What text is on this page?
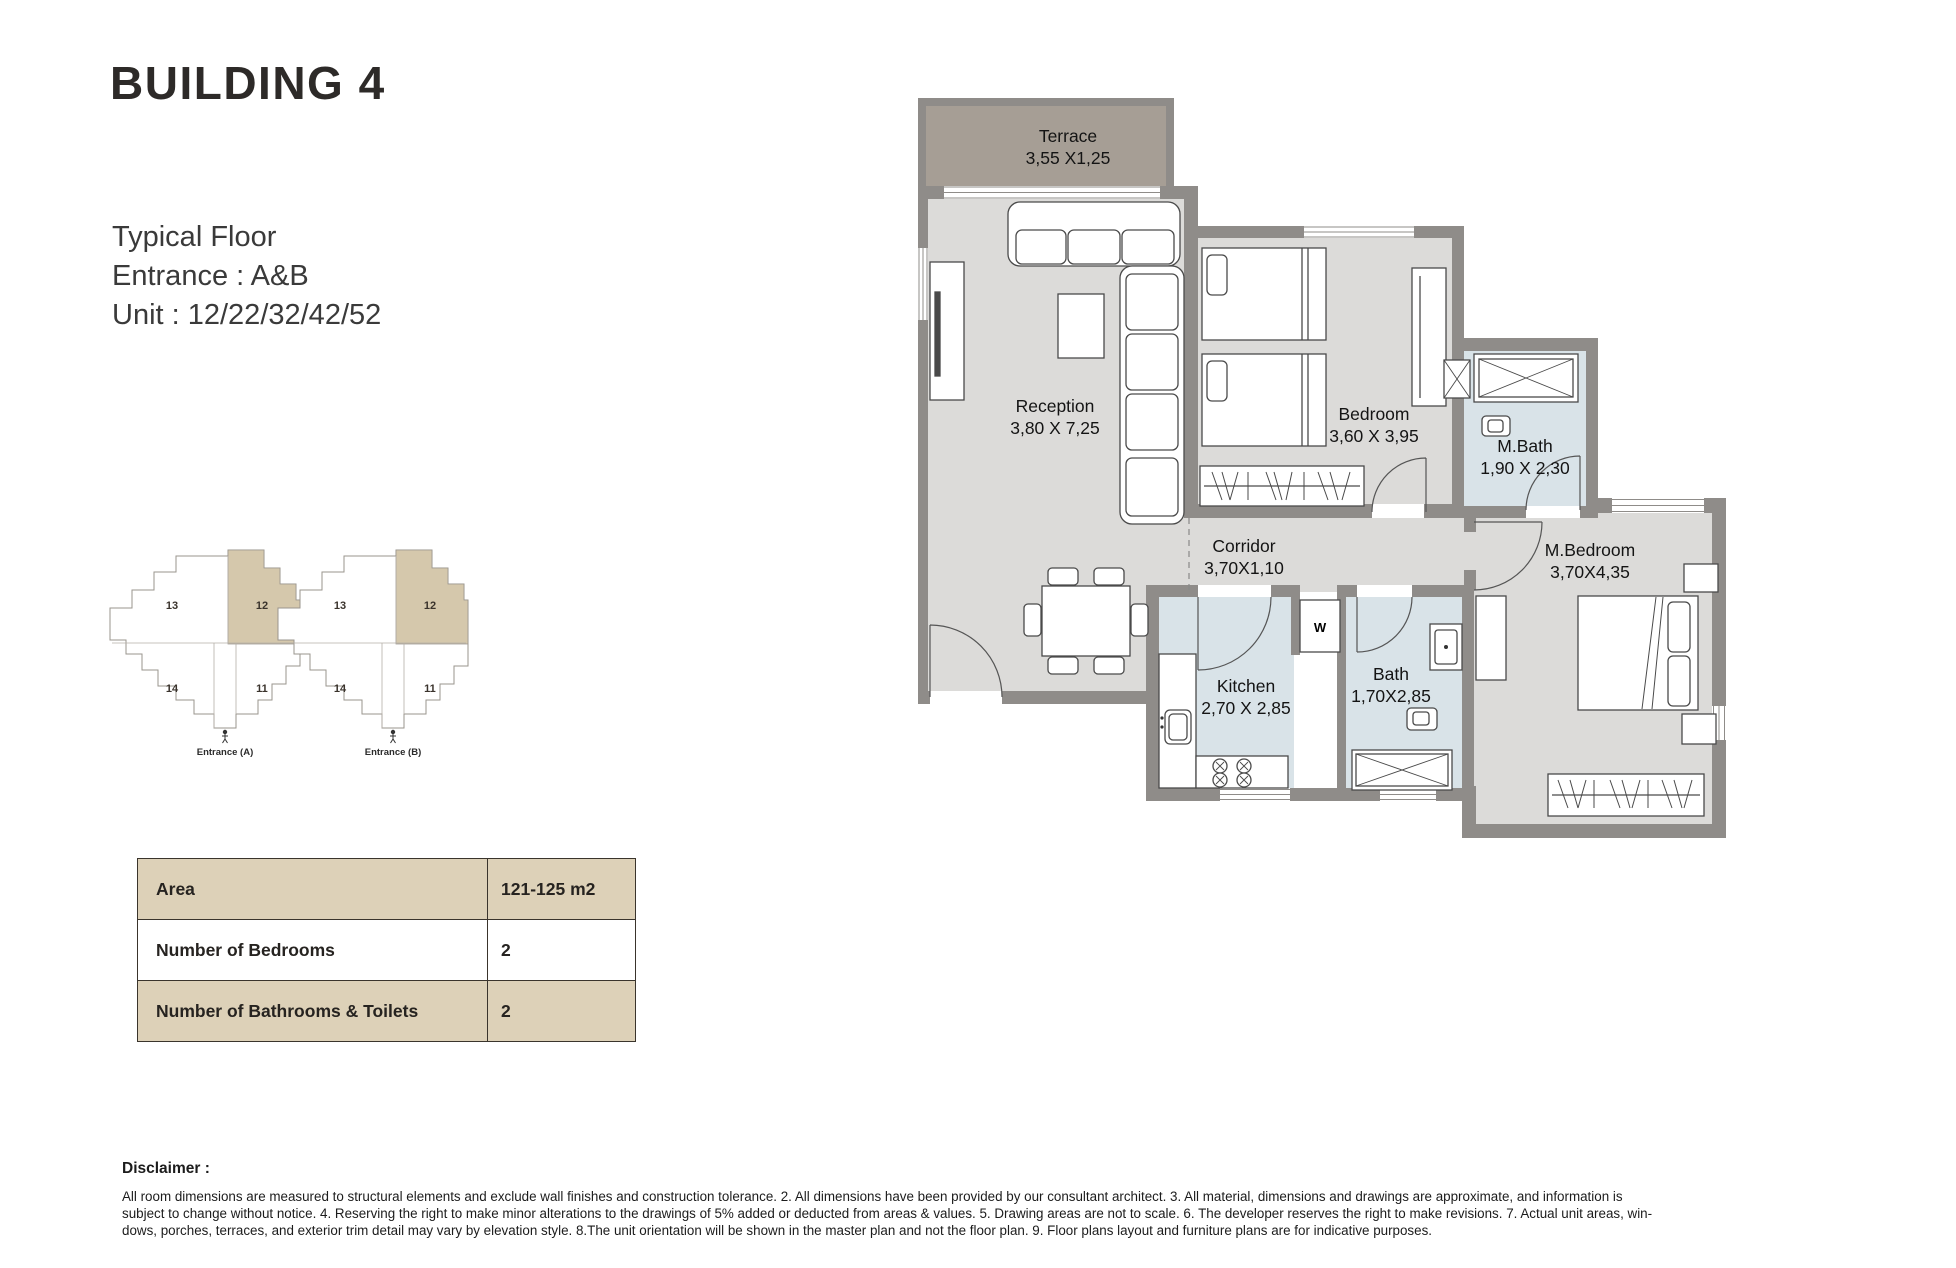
BUILDING 4
Typical Floor
Entrance : A&B
Unit : 12/22/32/42/52
13	12
14	11
Entrance (A)
13	12
14	11
Entrance (B)
Terrace
3,55 X1,25
Reception
3,80 X 7,25
Bedroom
3,60 X 3,95	M.Bath
1,90 X 2,30
Corridor
3,70X1,10
M.Bedroom
3,70X4,35
Kitchen
2,70 X 2,85
Bath
1,70X2,85
W
Area	121-125 m2
Number of Bedrooms	2
Number of Bathrooms & Toilets	2
Disclaimer :
All room dimensions are measured to structural elements and exclude wall finishes and construction tolerance. 2. All dimensions have been provided by our consultant architect. 3. All material, dimensions and drawings are approximate, and information is
subject to change without notice. 4. Reserving the right to make minor alterations to the drawings of 5% added or deducted from areas & values. 5. Drawing areas are not to scale. 6. The developer reserves the right to make revisions. 7. Actual unit areas, win-
dows, porches, terraces, and exterior trim detail may vary by elevation style. 8.The unit orientation will be shown in the master plan and not the floor plan. 9. Floor plans layout and furniture plans are for indicative purposes.
